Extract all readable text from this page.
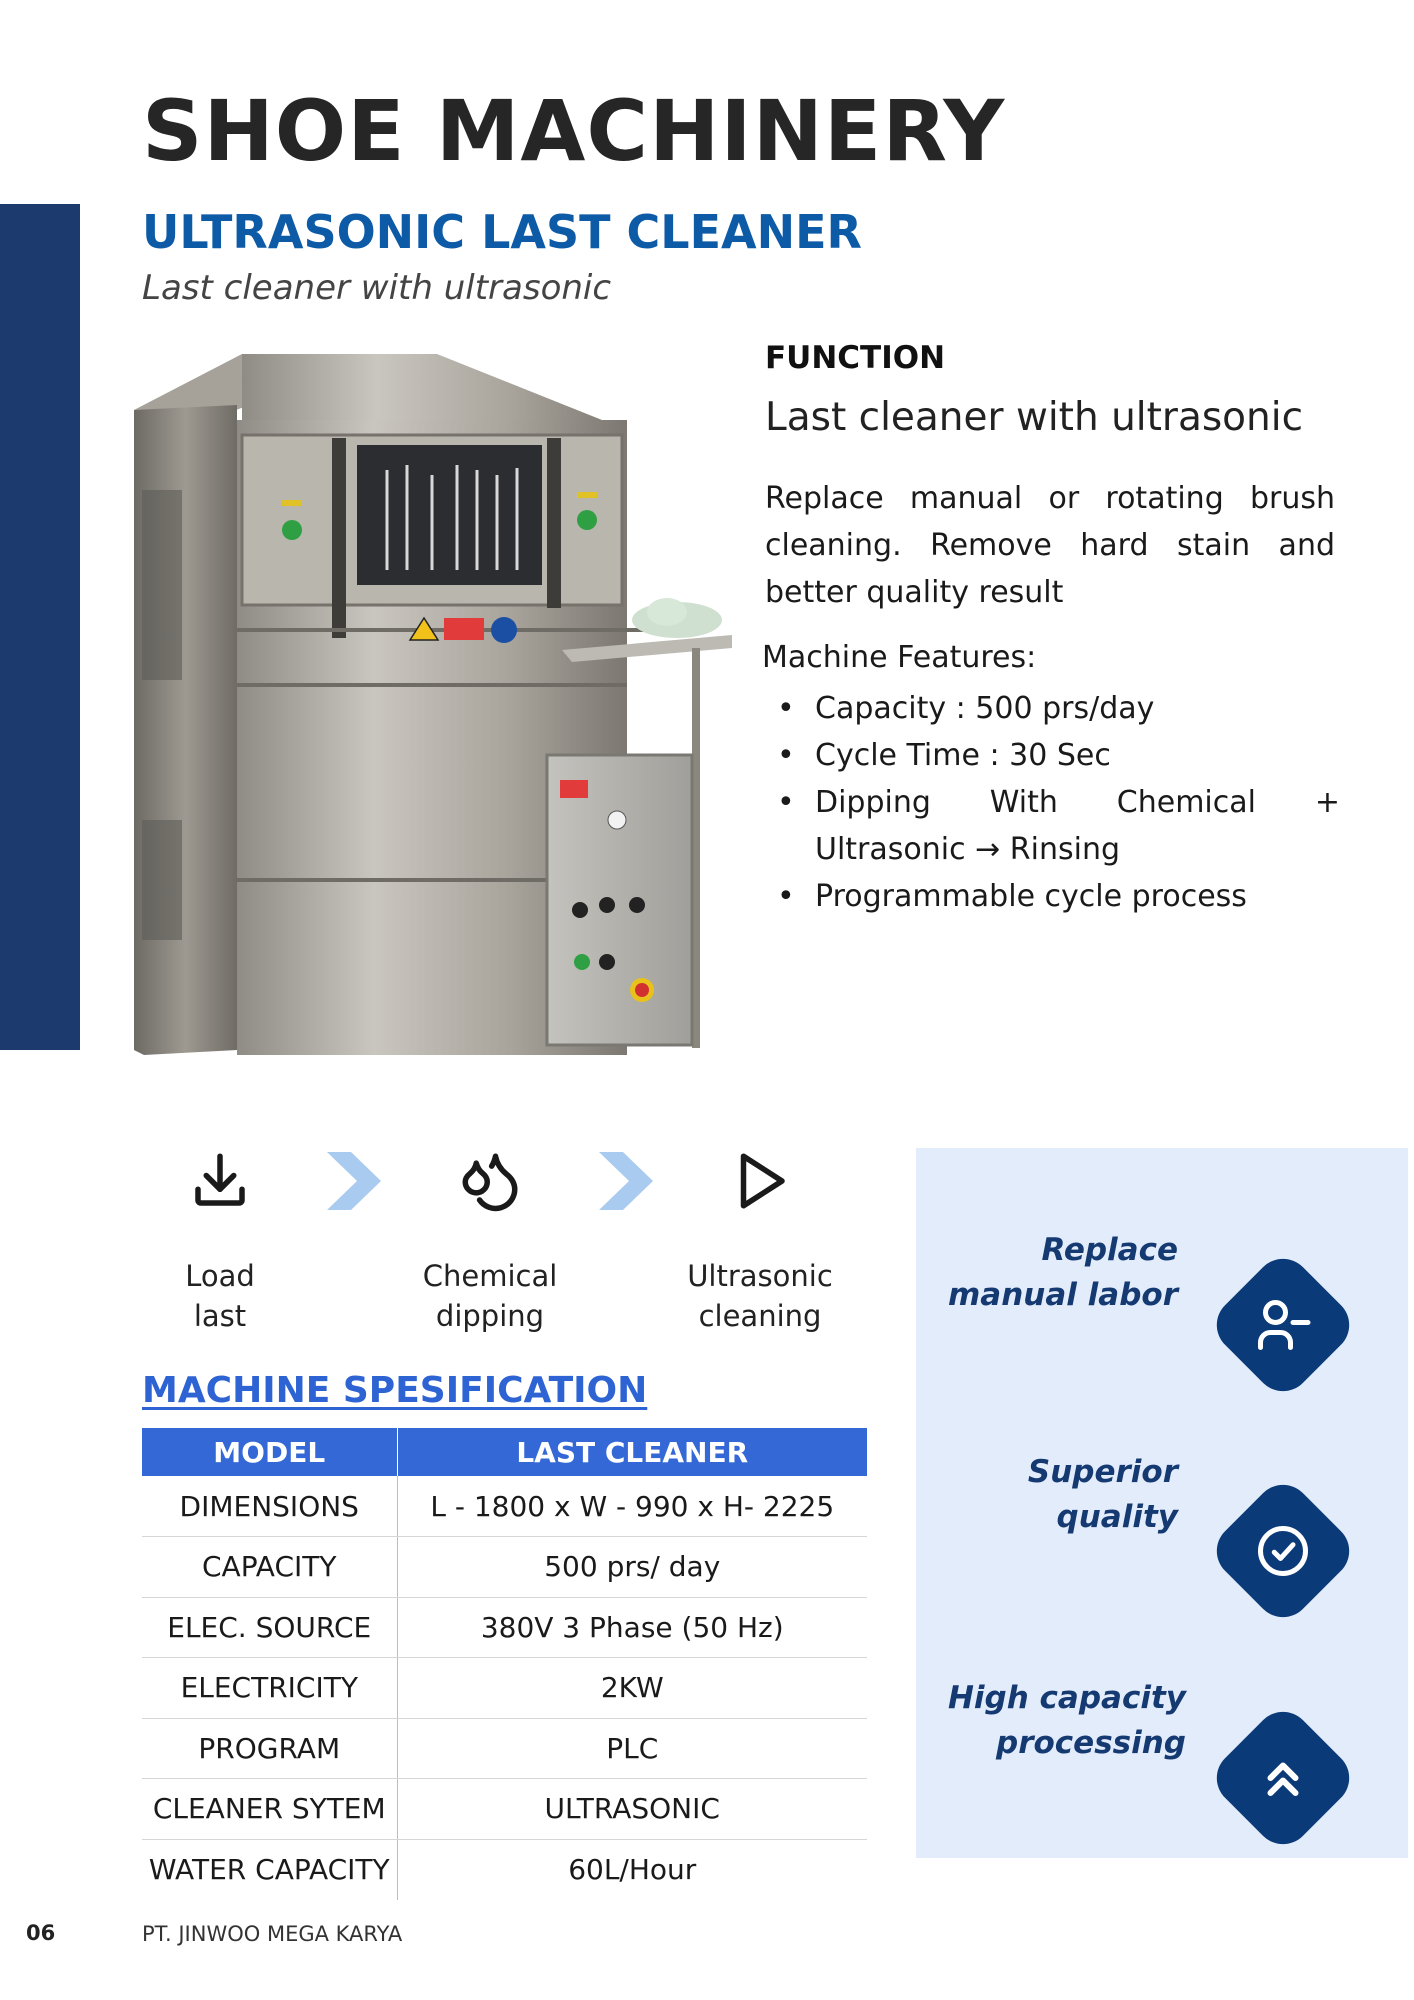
SHOE MACHINERY
ULTRASONIC LAST CLEANER
Last cleaner with ultrasonic
FUNCTION
Last cleaner with ultrasonic

Replace manual or rotating brush cleaning. Remove hard stain and better quality result

Machine Features:
• Capacity : 500 prs/day
• Cycle Time : 30 Sec
• Dipping With Chemical + Ultrasonic → Rinsing
• Programmable cycle process
Load
last
Chemical
dipping
Ultrasonic
cleaning
MACHINE SPESIFICATION
MODEL	LAST CLEANER
DIMENSIONS	L - 1800 x W - 990 x H- 2225
CAPACITY	500 prs/ day
ELEC. SOURCE	380V 3 Phase (50 Hz)
ELECTRICITY	2KW
PROGRAM	PLC
CLEANER SYTEM	ULTRASONIC
WATER CAPACITY	60L/Hour
Replace
manual labor
Superior
quality
High capacity
processing
06	PT. JINWOO MEGA KARYA
